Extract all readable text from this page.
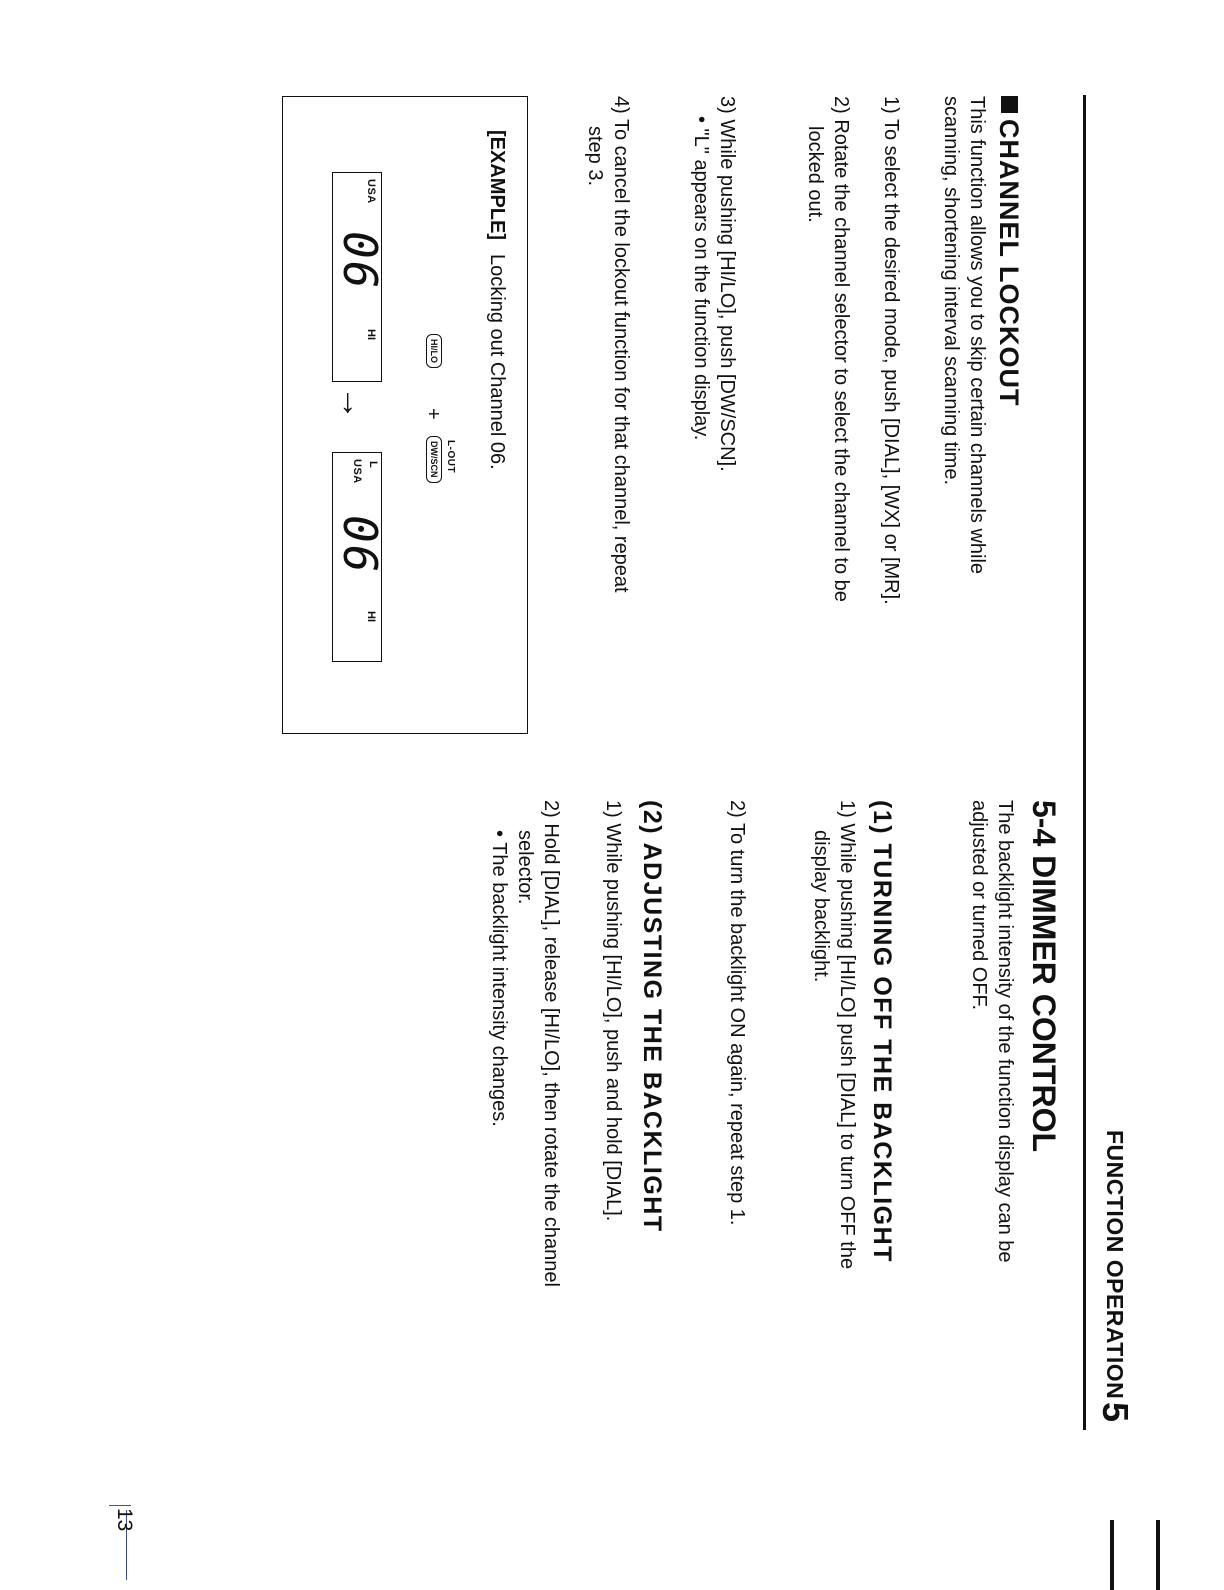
FUNCTION OPERATION
5
13
CHANNEL LOCKOUT
This function allows you to skip certain channels while
scanning, shortening interval scanning time.
1) To select the desired mode, push [DIAL], [WX] or [MR].
2) Rotate the channel selector to select the channel to be
locked out.
3) While pushing [HI/LO], push [DW/SCN].
• "L" appears on the function display.
4) To cancel the lockout function for that channel, repeat
step 3.
[EXAMPLE]Locking out Channel 06.
USA
06
HI
HI/LO
+
L-OUT
DW/SCN
→
USA L
06
HI
5-4 DIMMER CONTROL
The backlight intensity of the function display can be
adjusted or turned OFF.
(1) TURNING OFF THE BACKLIGHT
1) While pushing [HI/LO] push [DIAL] to turn OFF the
display backlight.
2) To turn the backlight ON again, repeat step 1.
(2) ADJUSTING THE BACKLIGHT
1) While pushing [HI/LO], push and hold [DIAL].
2) Hold [DIAL], release [HI/LO], then rotate the channel
selector.
• The backlight intensity changes.
